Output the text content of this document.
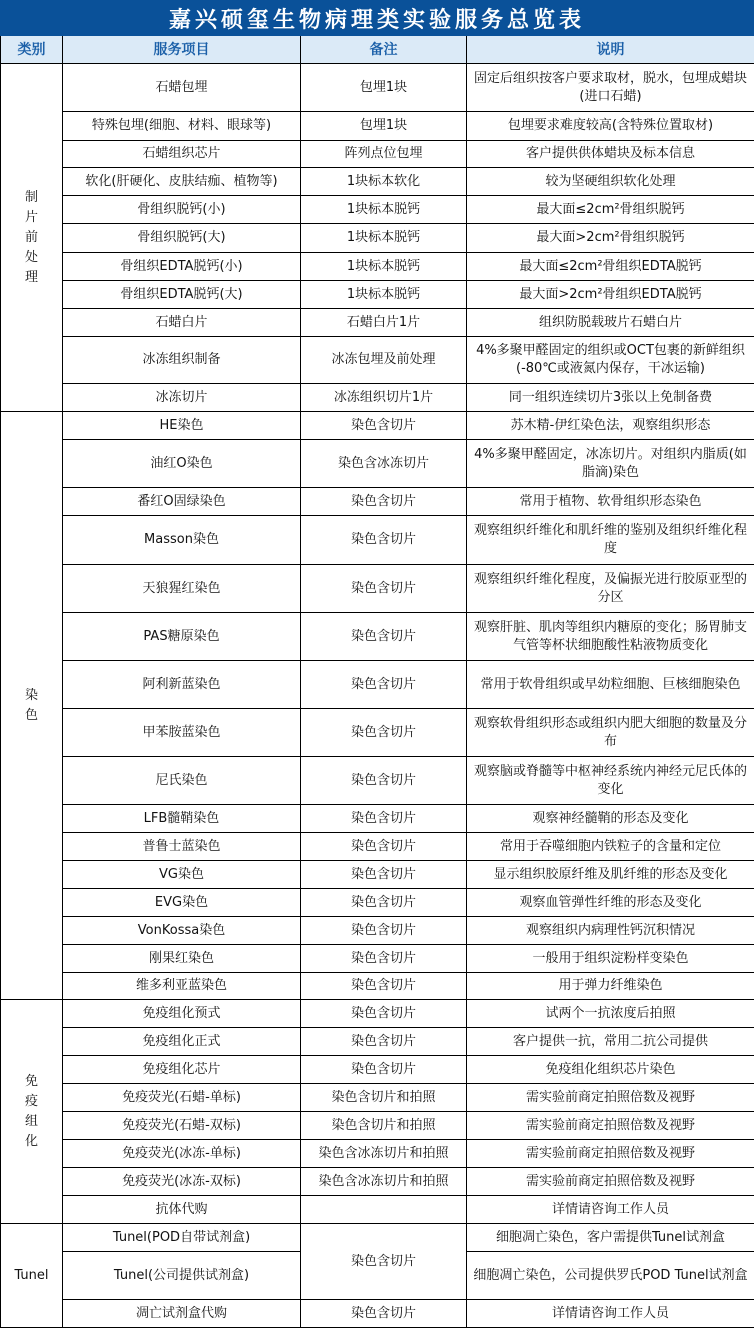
嘉兴硕玺生物病理类实验服务总览表
类别	服务项目	备注	说明
制片前处理	石蜡包埋	包埋1块	固定后组织按客户要求取材，脱水，包埋成蜡块(进口石蜡)
	特殊包埋(细胞、材料、眼球等)	包埋1块	包埋要求难度较高(含特殊位置取材)
	石蜡组织芯片	阵列点位包埋	客户提供供体蜡块及标本信息
	软化(肝硬化、皮肤结痂、植物等)	1块标本软化	较为坚硬组织软化处理
	骨组织脱钙(小)	1块标本脱钙	最大面≤2cm²骨组织脱钙
	骨组织脱钙(大)	1块标本脱钙	最大面>2cm²骨组织脱钙
	骨组织EDTA脱钙(小)	1块标本脱钙	最大面≤2cm²骨组织EDTA脱钙
	骨组织EDTA脱钙(大)	1块标本脱钙	最大面>2cm²骨组织EDTA脱钙
	石蜡白片	石蜡白片1片	组织防脱载玻片石蜡白片
	冰冻组织制备	冰冻包埋及前处理	4%多聚甲醛固定的组织或OCT包裹的新鲜组织(-80℃或液氮内保存，干冰运输)
	冰冻切片	冰冻组织切片1片	同一组织连续切片3张以上免制备费
染色	HE染色	染色含切片	苏木精-伊红染色法，观察组织形态
	油红O染色	染色含冰冻切片	4%多聚甲醛固定，冰冻切片。对组织内脂质(如脂滴)染色
	番红O固绿染色	染色含切片	常用于植物、软骨组织形态染色
	Masson染色	染色含切片	观察组织纤维化和肌纤维的鉴别及组织纤维化程度
	天狼猩红染色	染色含切片	观察组织纤维化程度，及偏振光进行胶原亚型的分区
	PAS糖原染色	染色含切片	观察肝脏、肌肉等组织内糖原的变化；肠胃肺支气管等杯状细胞酸性粘液物质变化
	阿利新蓝染色	染色含切片	常用于软骨组织或早幼粒细胞、巨核细胞染色
	甲苯胺蓝染色	染色含切片	观察软骨组织形态或组织内肥大细胞的数量及分布
	尼氏染色	染色含切片	观察脑或脊髓等中枢神经系统内神经元尼氏体的变化
	LFB髓鞘染色	染色含切片	观察神经髓鞘的形态及变化
	普鲁士蓝染色	染色含切片	常用于吞噬细胞内铁粒子的含量和定位
	VG染色	染色含切片	显示组织胶原纤维及肌纤维的形态及变化
	EVG染色	染色含切片	观察血管弹性纤维的形态及变化
	VonKossa染色	染色含切片	观察组织内病理性钙沉积情况
	刚果红染色	染色含切片	一般用于组织淀粉样变染色
	维多利亚蓝染色	染色含切片	用于弹力纤维染色
免疫组化	免疫组化预式	染色含切片	试两个一抗浓度后拍照
	免疫组化正式	染色含切片	客户提供一抗，常用二抗公司提供
	免疫组化芯片	染色含切片	免疫组化组织芯片染色
	免疫荧光(石蜡-单标)	染色含切片和拍照	需实验前商定拍照倍数及视野
	免疫荧光(石蜡-双标)	染色含切片和拍照	需实验前商定拍照倍数及视野
	免疫荧光(冰冻-单标)	染色含冰冻切片和拍照	需实验前商定拍照倍数及视野
	免疫荧光(冰冻-双标)	染色含冰冻切片和拍照	需实验前商定拍照倍数及视野
	抗体代购		详情请咨询工作人员
Tunel	Tunel(POD自带试剂盒)	染色含切片	细胞凋亡染色，客户需提供Tunel试剂盒
	Tunel(公司提供试剂盒)		细胞凋亡染色，公司提供罗氏POD Tunel试剂盒
	凋亡试剂盒代购	染色含切片	详情请咨询工作人员
